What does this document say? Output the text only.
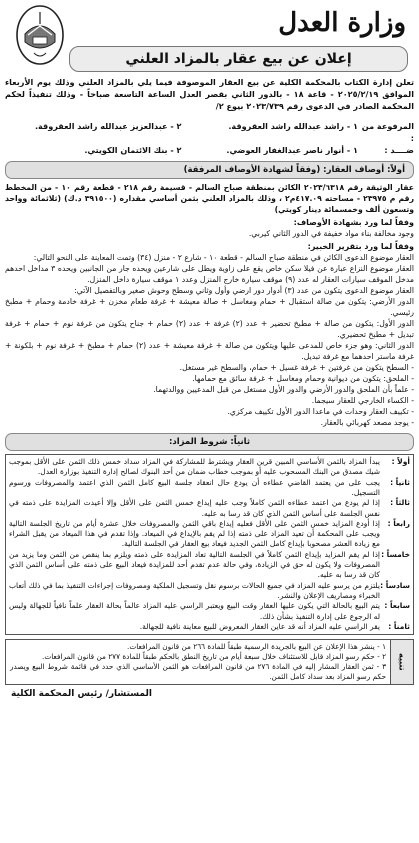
وزارة العدل
إعلان عن بيع عقار بالمزاد العلني

تعلن إدارة الكتاب بالمحكمة الكلية عن بيع العقار الموصوفة فيما يلي بالمزاد العلني وذلك يوم الأربعاء الموافق ٢٠٢٥/٢/١٩ - قاعة ١٨ - بالدور الثاني بقصر العدل الساعة التاسعة صباحاً - وذلك تنفيذاً لحكم المحكمة الصادر في الدعوى رقم ٢٠٢٣/٧٣٩ بيوع ٢/

المرفوعة من :
١ - راشد عبدالله راشد العقروقة.
٢ - عبدالعزيز عبدالله راشد العقروقة.
ضــــد :
١ - أنوار ناصر عبدالغفار العوضي.
٢ - بنك الائتمان الكويتي.
أولاً: أوصاف العقار: (وفقاً لشهادة الأوصاف المرفقة)

عقار الوثيقة رقم ٢٠٢٣/٦٣١٨ الكائن بمنطقة صباح السالم - قسيمة رقم ٢١٨ - قطعة رقم ١٠ - من المخطط رقم م ٢٣٩٧٥ - مساحته ٤١٧.٠٩م٢ ، وذلك بالمزاد العلني بثمن أساسي مقداره (٣٩١٥٠٠ د.ك) (ثلاثمائة وواحد وتسعون ألف وخمسمائة دينار كويتي)

وفقاً لما ورد بشهادة الأوصاف:

وجود مخالفة بناء مواد خفيفة في الدور الثاني كيربي.

وفقاً لما ورد بتقرير الخبير:

العقار موضوع الدعوى الكائن في منطقة صباح السالم - قطعة ١٠ - شارع ٢ - منزل (٣٤) وتمت المعاينة على النحو التالي:

العقار موضوع النزاع عبارة عن فيلا سكن خاص يقع على زاوية ويطل على شارعين ويحده جار من الجانبين ويحده ٣ مداخل احدهم مدخل الموقف سيارات العقار له عدد (٩) موقف سيارة خارج المنزل وعدد ١ موقف سيارة داخل المنزل.

العقار موضوع الدعوى يتكون من عدد (٣) أدوار دور ارضي وأول وثاني وسطح وحوش صغير وبالتفصيل الآتي:

الدور الأرضي: يتكون من صالة استقبال + حمام ومغاسل + صالة معيشة + غرفة طعام مخزن + غرفة خادمة وحمام + مطبخ رئيسي.

الدور الأول: يتكون من صالة + مطبخ تحضير + عدد (٢) غرفة + عدد (٢) حمام + جناح يتكون من غرفة نوم + حمام + غرفة تبديل + مطبخ تحضيري.

الدور الثاني: وهو جزء خاص للمدعى عليها ويتكون من صالة + غرفة معيشة + عدد (٢) حمام + مطبخ + غرفة نوم + بلكونة + غرفة ماستر احدهما مع غرفة تبديل.

- السطح يتكون من غرفتين + غرفة غسيل + حمام، والسطح غير مستغل.

- الملحق: يتكون من ديوانية وحمام ومغاسل + غرفة سائق مع حمامها.

- علماً بأن الملحق والدور الأرضي والدور الأول مستغل من قبل المدعيين ووالدتهما.

- الكساء الخارجي للعقار سيجما.

- تكييف العقار وحدات في ماعدا الدور الأول تكييف مركزي.

- يوجد مصعد كهربائي بالعقار.

ثانياً: شروط المزاد:
أولاً :
يبدأ المزاد بالثمن الأساسي المبين قرين العقار ويشترط للمشاركة في المزاد سداد خمس ذلك الثمن على الأقل بموجب شيك مصدق من البنك المسحوب عليه أو بموجب خطاب ضمان من أحد البنوك لصالح إدارة التنفيذ بوزارة العدل.
ثانياً :
يجب على من يعتمد القاضي عطاءه أن يودع حال انعقاد جلسة البيع كامل الثمن الذي اعتمد والمصروفات ورسوم التسجيل.
ثالثاً :
إذا لم يودع من اعتمد عطاءه الثمن كاملاً وجب عليه إيداع خمس الثمن على الأقل وإلا أعيدت المزايدة على ذمته في نفس الجلسة على أساس الثمن الذي كان قد رسا به عليه.
رابعاً :
إذا أودع المزايد خمس الثمن على الأقل فعليه إيداع باقي الثمن والمصروفات خلال عشرة أيام من تاريخ الجلسة التالية ويجب على المحكمة أن تعيد المزاد على ذمته إذا لم يقم بالإيداع في الميعاد. وإذا تقدم في هذا الميعاد من يقبل الشراء مع زيادة العشر مصحوبا بإيداع كامل الثمن الجديد فيعاد بيع العقار في الجلسة التالية.
خامساً :
إذا لم يقم المزايد بإيداع الثمن كاملاً في الجلسة التالية تعاد المزايدة على ذمته ويلزم بما ينقص من الثمن وما يزيد من المصروفات ولا يكون له حق في الزيادة، وفي حالة عدم تقدم أحد للمزايدة فيعاد البيع على ذمته على أساس الثمن الذي كان قد رسا به عليه.
سادساً :
يلتزم من يرسو عليه المزاد في جميع الحالات برسوم نقل وتسجيل الملكية ومصروفات إجراءات التنفيذ بما في ذلك أتعاب الخبراء ومصاريف الإعلان والنشر.
سابعاً :
يتم البيع بالحالة التي يكون عليها العقار وقت البيع ويعتبر الراسي عليه المزاد عالماً بحالة العقار علماً نافياً للجهالة وليس له الرجوع على إدارة التنفيذ بشأن ذلك.
ثامناً :
يقر الراسي عليه المزاد أنه قد عاين العقار المعروض للبيع معاينة نافية للجهالة.
تنبيه
١ - ينشر هذا الإعلان عن البيع بالجريدة الرسمية طبقاً للمادة ٢٦٦ من قانون المرافعات.
٢ - حكم رسو المزاد قابل للاستئناف خلال سبعة أيام من تاريخ النطق بالحكم طبقاً للمادة ٢٧٧ من قانون المرافعات.
٣ - ثمن العقار المشار إليه في المادة ٢٧٦ من قانون المرافعات هو الثمن الأساسي الذي حدد في قائمة شروط البيع ويصدر حكم رسو المزاد بعد سداد كامل الثمن.
المستشار/ رئيس المحكمة الكلية
